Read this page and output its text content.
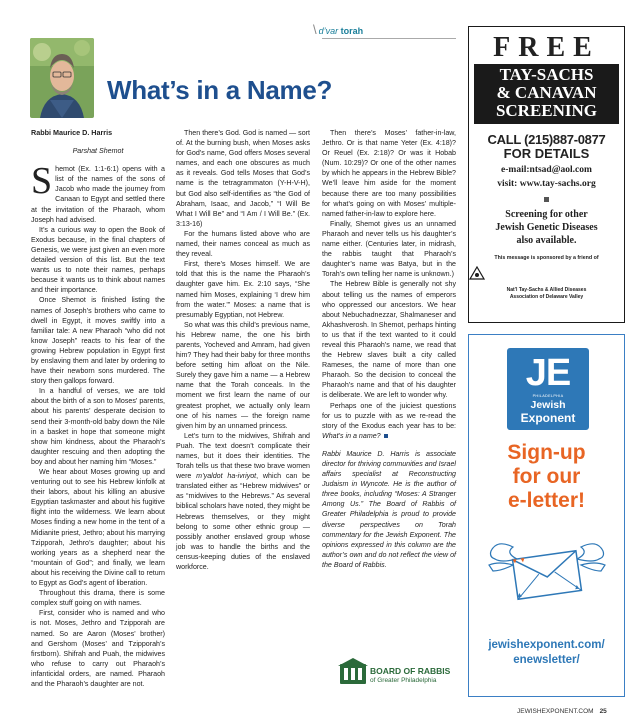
\ d’var torah
What’s in a Name?
Rabbi Maurice D. Harris
Parshat Shemot

Shemot (Ex. 1:1-6:1) opens with a list of the names of the sons of Jacob who made the journey from Canaan to Egypt and settled there at the invitation of the Pharaoh, whom Joseph had advised.

It’s a curious way to open the Book of Exodus because, in the final chapters of Genesis, we were just given an even more detailed version of this list. But the text wants us to note their names, perhaps because it wants us to think about names and their importance.

Once Shemot is finished listing the names of Joseph’s brothers who came to dwell in Egypt, it moves swiftly into a familiar tale: A new Pharaoh “who did not know Joseph” reacts to his fear of the growing Hebrew population in Egypt first by enslaving them and later by ordering to have their newborn sons murdered. The story then gallops forward.

In a handful of verses, we are told about the birth of a son to Moses’ parents, about his parents’ desperate decision to send their 3-month-old baby down the Nile in a basket in hope that someone might show him kindness, about the Pharaoh’s daughter rescuing and then adopting the boy and about her naming him “Moses.”

We hear about Moses growing up and venturing out to see his Hebrew kinfolk at their labors, about his killing an abusive Egyptian taskmaster and about his fugitive flight into the wilderness. We learn about Moses finding a new home in the tent of a Midianite priest, Jethro; about his marrying Tzipporah, Jethro’s daughter; about his working years as a shepherd near the “mountain of God”; and finally, we learn about his receiving the Divine call to return to Egypt as God’s agent of liberation.

Throughout this drama, there is some complex stuff going on with names.

First, consider who is named and who is not. Moses, Jethro and Tzipporah are named. So are Aaron (Moses’ brother) and Gershom (Moses’ and Tzipporah’s firstborn). Shifrah and Puah, the midwives who refuse to carry out Pharaoh’s infanticidal orders, are named. Pharaoh and the Pharaoh’s daughter are not.

Then there’s God. God is named — sort of. At the burning bush, when Moses asks for God’s name, God offers Moses several names, and each one obscures as much as it reveals. God tells Moses that God’s name is the tetragrammaton (Y-H-V-H), but God also self-identifies as “the God of Abraham, Isaac, and Jacob,” “I Will Be What I Will Be” and “I Am / I Will Be.” (Ex. 3:13-16)

For the humans listed above who are named, their names conceal as much as they reveal.

First, there’s Moses himself. We are told that this is the name the Pharaoh’s daughter gave him. Ex. 2:10 says, “She named him Moses, explaining ‘I drew him from the water.’” Moses: a name that is presumably Egyptian, not Hebrew.

So what was this child’s previous name, his Hebrew name, the one his birth parents, Yocheved and Amram, had given him? They had their baby for three months before setting him afloat on the Nile. Surely they gave him a name — a Hebrew name that the Torah conceals. In the moment we first learn the name of our greatest prophet, we actually only learn one of his names — the foreign name given him by an unnamed princess.

Let’s turn to the midwives, Shifrah and Puah. The text doesn’t complicate their names, but it does their identities. The Torah tells us that these two brave women were m’yaldot ha-ivriyot, which can be translated either as “Hebrew midwives” or as “midwives to the Hebrews.” As several biblical scholars have noted, they might be Hebrews themselves, or they might belong to some other ethnic group — possibly another enslaved group whose job was to handle the births and the census-keeping duties of the enslaved workforce.

Then there’s Moses’ father-in-law, Jethro. Or is that name Yeter (Ex. 4:18)? Or Reuel (Ex. 2:18)? Or was it Hobab (Num. 10:29)? Or one of the other names by which he appears in the Hebrew Bible? We’ll leave him aside for the moment because there are too many possibilities for what’s going on with Moses’ multiple-named father-in-law to explore here.

Finally, Shemot gives us an unnamed Pharaoh and never tells us his daughter’s name either. (Centuries later, in midrash, the rabbis taught that Pharaoh’s daughter’s name was Batya, but in the Torah’s own telling her name is unknown.)

The Hebrew Bible is generally not shy about telling us the names of emperors who oppressed our ancestors. We hear about Nebuchadnezzar, Shalmaneser and Akhashverosh. In Shemot, perhaps hinting to us that if the text wanted to it could reveal this Pharaoh’s name, we read that the Hebrew slaves built a city called Rameses, the name of more than one Pharaoh. So the decision to conceal the Pharaoh’s name and that of his daughter is deliberate. We are left to wonder why.

Perhaps one of the juiciest questions for us to puzzle with as we re-read the story of the Exodus each year has to be: What’s in a name?

Rabbi Maurice D. Harris is associate director for thriving communities and Israel affairs specialist at Reconstructing Judaism in Wyncote. He is the author of three books, including “Moses: A Stranger Among Us.” The Board of Rabbis of Greater Philadelphia is proud to provide diverse perspectives on Torah commentary for the Jewish Exponent. The opinions expressed in this column are the author’s own and do not reflect the view of the Board of Rabbis.

BOARD OF RABBIS
of Greater Philadelphia
FREE
TAY-SACHS
& CANAVAN
SCREENING
CALL (215)887-0877
FOR DETAILS
e-mail:ntsad@aol.com
visit: www.tay-sachs.org
Screening for other
Jewish Genetic Diseases
also available.
This message is sponsored by a friend of
Nat’l Tay-Sachs & Allied Diseases
Association of Delaware Valley
JE
PHILADELPHIA
Jewish
Exponent
Sign-up
for our
e-letter!
jewishexponent.com/
enewsletter/
JEWISHEXPONENT.COM 25
